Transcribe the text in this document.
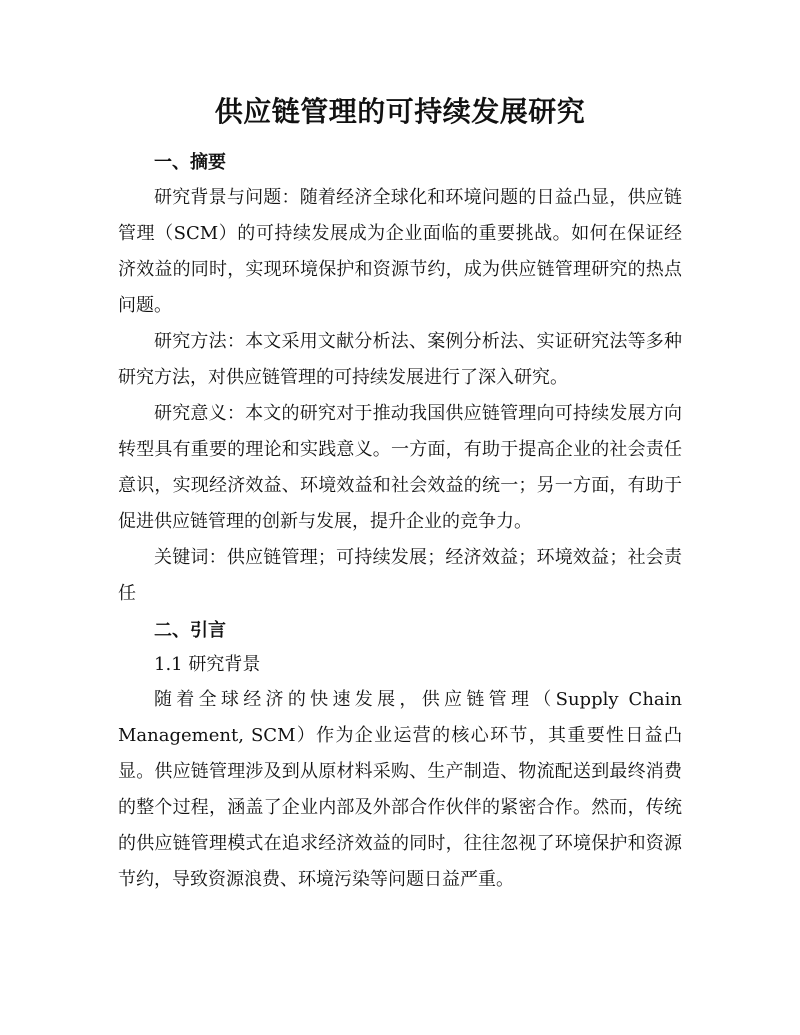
供应链管理的可持续发展研究
一、摘要

研究背景与问题：随着经济全球化和环境问题的日益凸显，供应链管理（SCM）的可持续发展成为企业面临的重要挑战。如何在保证经济效益的同时，实现环境保护和资源节约，成为供应链管理研究的热点问题。

研究方法：本文采用文献分析法、案例分析法、实证研究法等多种研究方法，对供应链管理的可持续发展进行了深入研究。

研究意义：本文的研究对于推动我国供应链管理向可持续发展方向转型具有重要的理论和实践意义。一方面，有助于提高企业的社会责任意识，实现经济效益、环境效益和社会效益的统一；另一方面，有助于促进供应链管理的创新与发展，提升企业的竞争力。

关键词：供应链管理；可持续发展；经济效益；环境效益；社会责任

二、引言
1.1 研究背景

随着全球经济的快速发展，供应链管理（Supply Chain Management, SCM）作为企业运营的核心环节，其重要性日益凸显。供应链管理涉及到从原材料采购、生产制造、物流配送到最终消费的整个过程，涵盖了企业内部及外部合作伙伴的紧密合作。然而，传统的供应链管理模式在追求经济效益的同时，往往忽视了环境保护和资源节约，导致资源浪费、环境污染等问题日益严重。
